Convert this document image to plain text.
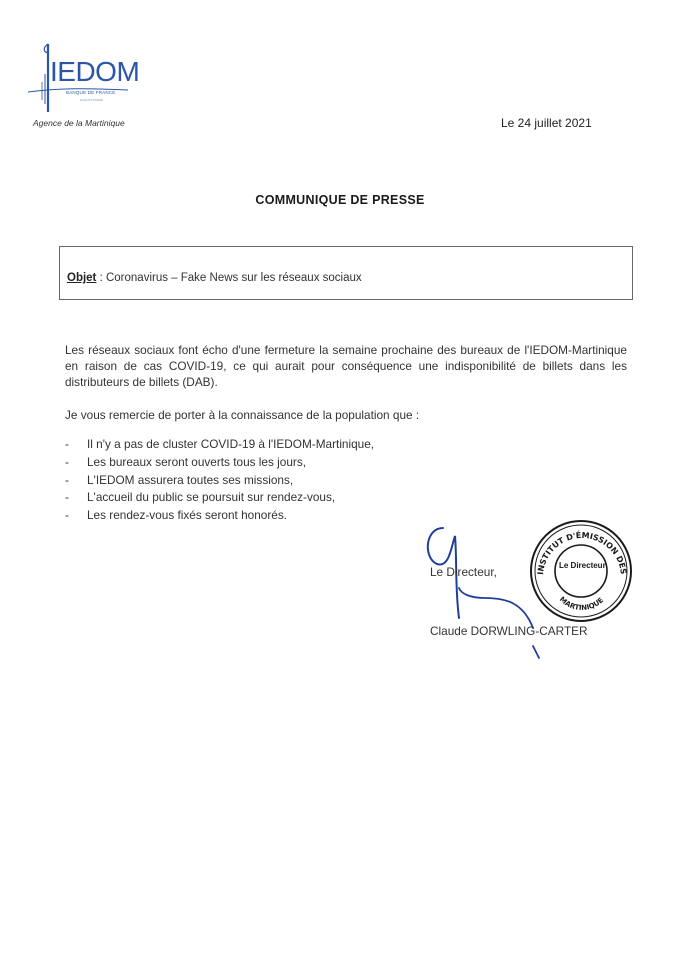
IEDOM
BANQUE DE FRANCE
EUROSYSTÈME
Agence de la Martinique	Le 24 juillet 2021
COMMUNIQUE DE PRESSE
Objet : Coronavirus – Fake News sur les réseaux sociaux
Les réseaux sociaux font écho d'une fermeture la semaine prochaine des bureaux de l'IEDOM-Martinique en raison de cas COVID-19, ce qui aurait pour conséquence une indisponibilité de billets dans les distributeurs de billets (DAB).
Je vous remercie de porter à la connaissance de la population que :
- Il n'y a pas de cluster COVID-19 à l'IEDOM-Martinique,
- Les bureaux seront ouverts tous les jours,
- L'IEDOM assurera toutes ses missions,
- L'accueil du public se poursuit sur rendez-vous,
- Les rendez-vous fixés seront honorés.
Le Directeur,
Claude DORWLING-CARTER
INSTITUT D'ÉMISSION DES
MARTINIQUE
Le Directeur
